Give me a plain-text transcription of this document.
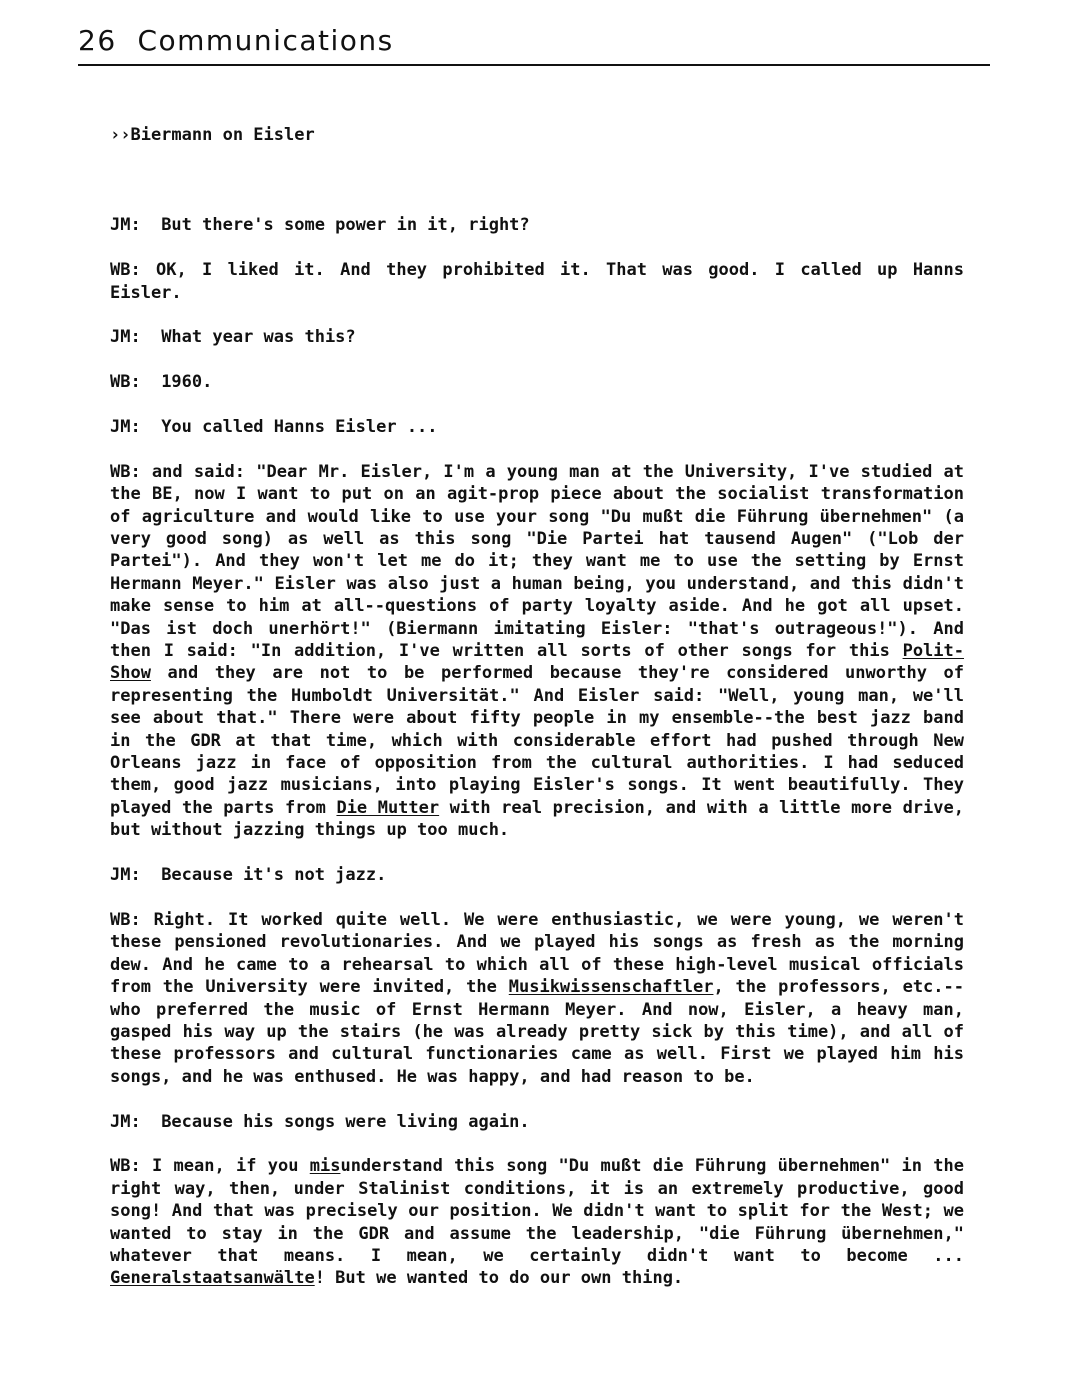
26 Communications
››Biermann on Eisler

JM:  But there's some power in it, right?

WB: OK, I liked it. And they prohibited it. That was good. I called up Hanns Eisler.

JM:  What year was this?

WB:  1960.

JM:  You called Hanns Eisler ...

WB: and said: "Dear Mr. Eisler, I'm a young man at the University, I've studied at the BE, now I want to put on an agit-prop piece about the socialist transformation of agriculture and would like to use your song "Du mußt die Führung übernehmen" (a very good song) as well as this song "Die Partei hat tausend Augen" ("Lob der Partei"). And they won't let me do it; they want me to use the setting by Ernst Hermann Meyer." Eisler was also just a human being, you understand, and this didn't make sense to him at all--questions of party loyalty aside. And he got all upset. "Das ist doch unerhört!" (Biermann imitating Eisler: "that's outrageous!"). And then I said: "In addition, I've written all sorts of other songs for this Polit-Show and they are not to be performed because they're considered unworthy of representing the Humboldt Universität." And Eisler said: "Well, young man, we'll see about that." There were about fifty people in my ensemble--the best jazz band in the GDR at that time, which with considerable effort had pushed through New Orleans jazz in face of opposition from the cultural authorities. I had seduced them, good jazz musicians, into playing Eisler's songs. It went beautifully. They played the parts from Die Mutter with real precision, and with a little more drive, but without jazzing things up too much.

JM:  Because it's not jazz.

WB: Right. It worked quite well. We were enthusiastic, we were young, we weren't these pensioned revolutionaries. And we played his songs as fresh as the morning dew. And he came to a rehearsal to which all of these high-level musical officials from the University were invited, the Musikwissenschaftler, the professors, etc.--who preferred the music of Ernst Hermann Meyer. And now, Eisler, a heavy man, gasped his way up the stairs (he was already pretty sick by this time), and all of these professors and cultural functionaries came as well. First we played him his songs, and he was enthused. He was happy, and had reason to be.

JM:  Because his songs were living again.

WB: I mean, if you misunderstand this song "Du mußt die Führung übernehmen" in the right way, then, under Stalinist conditions, it is an extremely productive, good song! And that was precisely our position. We didn't want to split for the West; we wanted to stay in the GDR and assume the leadership, "die Führung übernehmen," whatever that means. I mean, we certainly didn't want to become ... Generalstaatsanwälte! But we wanted to do our own thing.
